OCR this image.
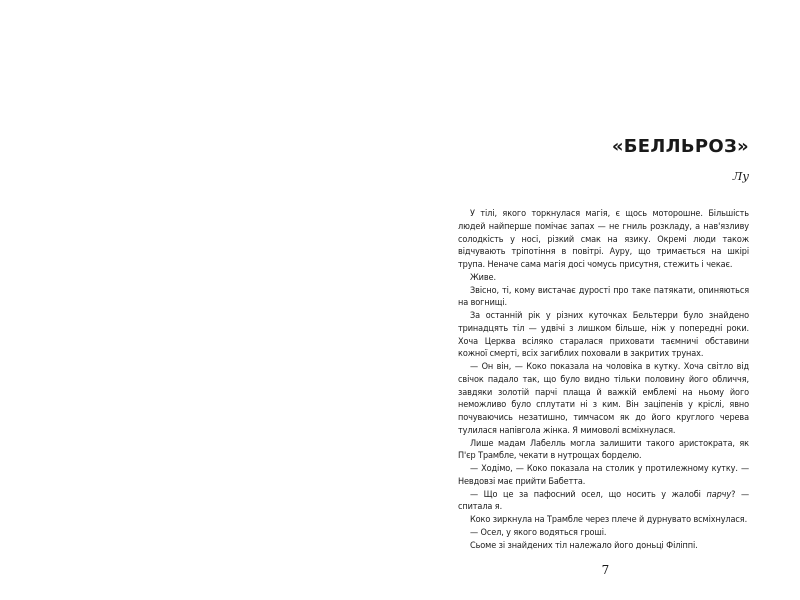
«БЕЛЛЬРОЗ»
Лу

У тілі, якого торкнулася магія, є щось моторошне. Більшість людей найперше помічає запах — не гниль розкладу, а нав'язливу солодкість у носі, різкий смак на язику. Окремі люди також відчувають тріпотіння в повітрі. Ауру, що тримається на шкірі трупа. Неначе сама магія досі чомусь присутня, стежить і чекає.

Живе.

Звісно, ті, кому вистачає дурості про таке патякати, опиняються на вогнищі.

За останній рік у різних куточках Бельтерри було знайдено тринадцять тіл — удвічі з лишком більше, ніж у попередні роки. Хоча Церква всіляко старалася приховати таємничі обставини кожної смерті, всіх загиблих поховали в закритих трунах.

— Он він, — Коко показала на чоловіка в кутку. Хоча світло від свічок падало так, що було видно тільки половину його обличчя, завдяки золотій парчі плаща й важкій емблемі на ньому його неможливо було сплутати ні з ким. Він заціпенів у кріслі, явно почуваючись незатишно, тимчасом як до його круглого черева тулилася напівгола жінка. Я мимоволі всміхнулася.

Лише мадам Лабелль могла залишити такого аристократа, як П'єр Трамбле, чекати в нутрощах борделю.

— Ходімо, — Коко показала на столик у протилежному кутку. — Невдовзі має прийти Бабетта.

— Що це за пафосний осел, що носить у жалобі парчу? — спитала я.

Коко зиркнула на Трамбле через плече й дурнувато всміхнулася.

— Осел, у якого водяться гроші.

Сьоме зі знайдених тіл належало його доньці Філіппі.

7
